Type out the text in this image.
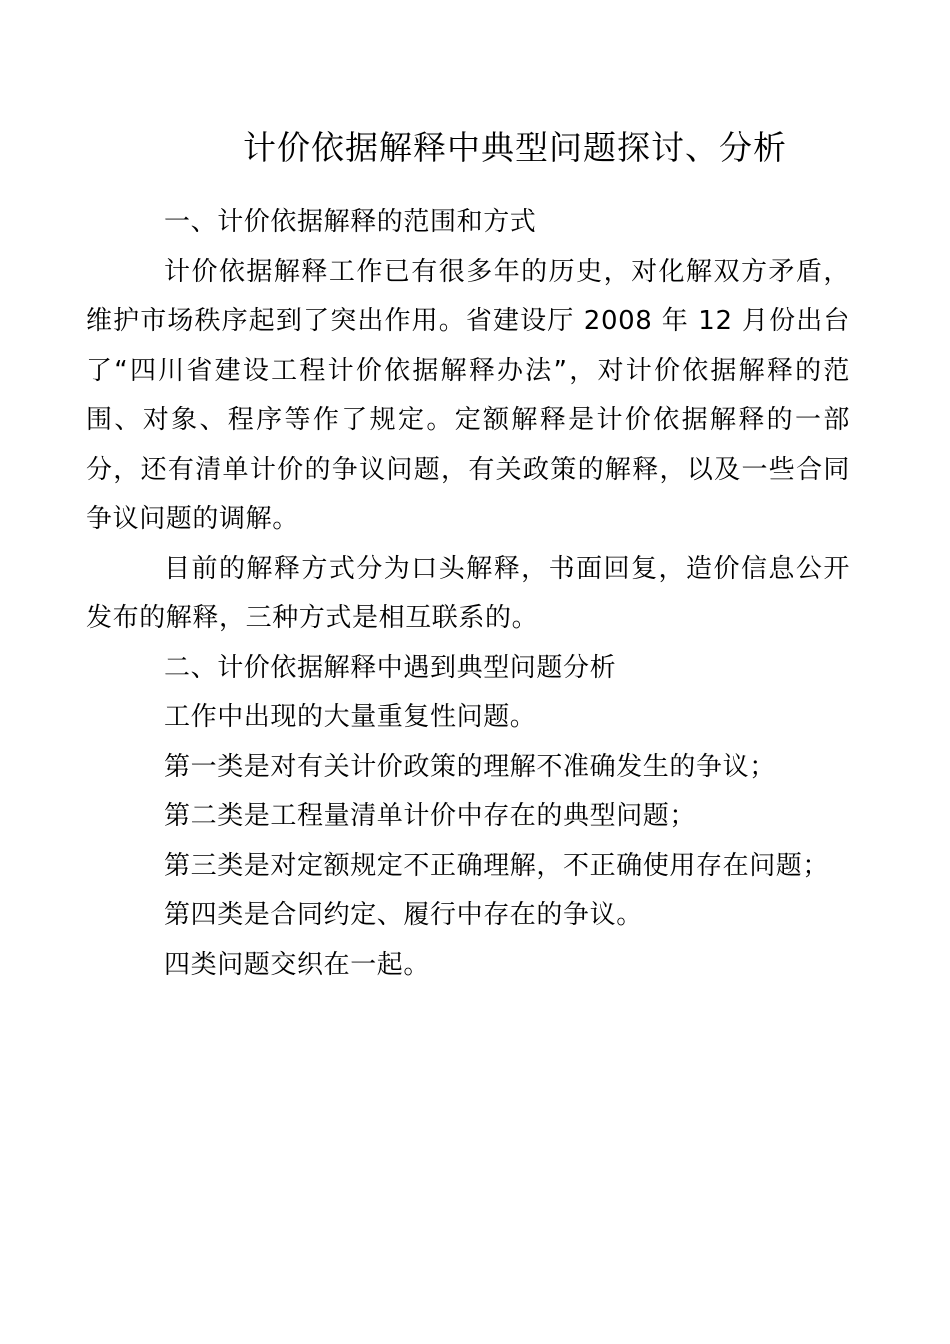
计价依据解释中典型问题探讨、分析

一、计价依据解释的范围和方式

计价依据解释工作已有很多年的历史，对化解双方矛盾，维护市场秩序起到了突出作用。省建设厅 2008 年 12 月份出台了“四川省建设工程计价依据解释办法”，对计价依据解释的范围、对象、程序等作了规定。定额解释是计价依据解释的一部分，还有清单计价的争议问题，有关政策的解释，以及一些合同争议问题的调解。

目前的解释方式分为口头解释，书面回复，造价信息公开发布的解释，三种方式是相互联系的。

二、计价依据解释中遇到典型问题分析

工作中出现的大量重复性问题。

第一类是对有关计价政策的理解不准确发生的争议；

第二类是工程量清单计价中存在的典型问题；

第三类是对定额规定不正确理解，不正确使用存在问题；

第四类是合同约定、履行中存在的争议。

四类问题交织在一起。
